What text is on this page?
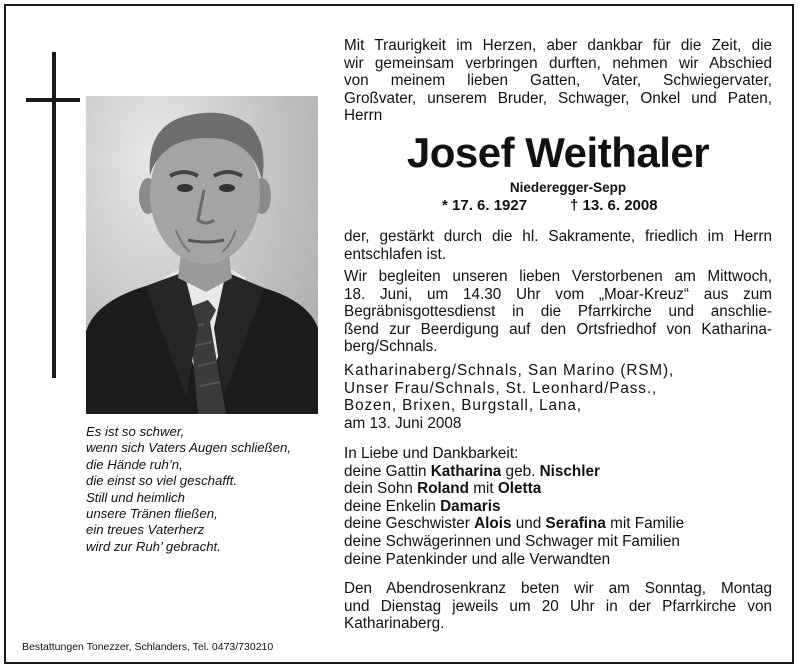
Es ist so schwer,
wenn sich Vaters Augen schließen,
die Hände ruh’n,
die einst so viel geschafft.
Still und heimlich
unsere Tränen fließen,
ein treues Vaterherz
wird zur Ruh’ gebracht.
Bestattungen Tonezzer, Schlanders, Tel. 0473/730210
Mit Traurigkeit im Herzen, aber dankbar für die Zeit, die
wir gemeinsam verbringen durften, nehmen wir Abschied
von meinem lieben Gatten, Vater, Schwiegervater,
Großvater, unserem Bruder, Schwager, Onkel und Paten,
Herrn
Josef Weithaler
Niederegger-Sepp
* 17. 6. 1927	† 13. 6. 2008
der, gestärkt durch die hl. Sakramente, friedlich im Herrn
entschlafen ist.
Wir begleiten unseren lieben Verstorbenen am Mittwoch,
18. Juni, um 14.30 Uhr vom „Moar-Kreuz“ aus zum
Begräbnisgottesdienst in die Pfarrkirche und anschlie-
ßend zur Beerdigung auf den Ortsfriedhof von Katharina-
berg/Schnals.
Katharinaberg/Schnals, San Marino (RSM),
Unser Frau/Schnals, St. Leonhard/Pass.,
Bozen, Brixen, Burgstall, Lana,
am 13. Juni 2008
In Liebe und Dankbarkeit:
deine Gattin Katharina geb. Nischler
dein Sohn Roland mit Oletta
deine Enkelin Damaris
deine Geschwister Alois und Serafina mit Familie
deine Schwägerinnen und Schwager mit Familien
deine Patenkinder und alle Verwandten
Den Abendrosenkranz beten wir am Sonntag, Montag
und Dienstag jeweils um 20 Uhr in der Pfarrkirche von
Katharinaberg.
